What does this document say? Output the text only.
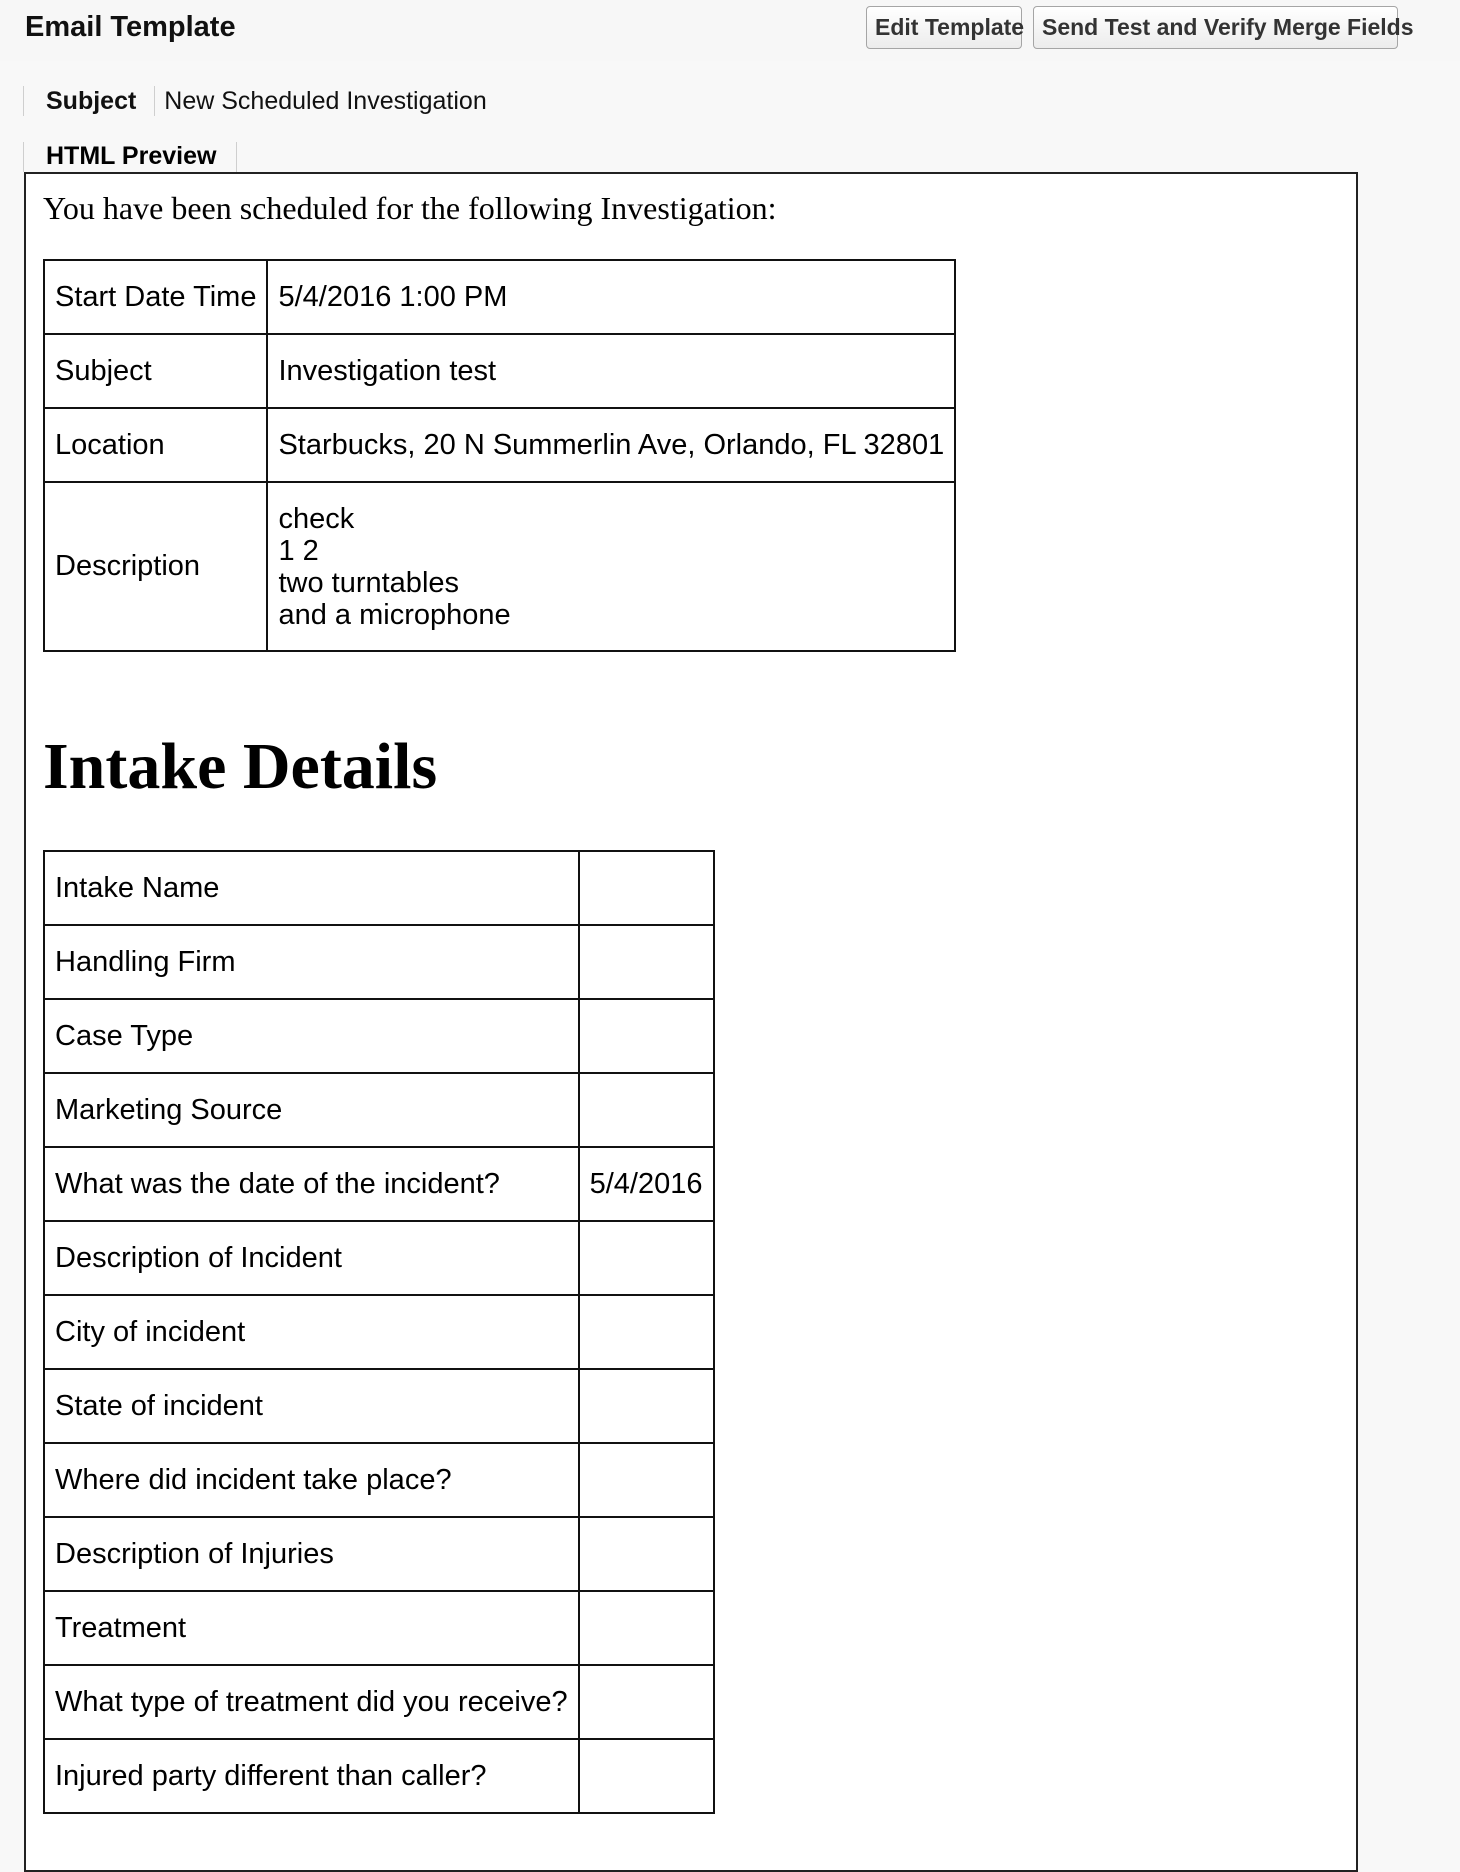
Email Template	Edit Template Send Test and Verify Merge Fields
Subject	New Scheduled Investigation
HTML Preview

You have been scheduled for the following Investigation:

Start Date Time	5/4/2016 1:00 PM
Subject	Investigation test
Location	Starbucks, 20 N Summerlin Ave, Orlando, FL 32801
Description	check
1 2
two turntables
and a microphone
Intake Details
Intake Name	
Handling Firm	
Case Type	
Marketing Source	
What was the date of the incident?	5/4/2016
Description of Incident	
City of incident	
State of incident	
Where did incident take place?	
Description of Injuries	
Treatment	
What type of treatment did you receive?	
Injured party different than caller?	
